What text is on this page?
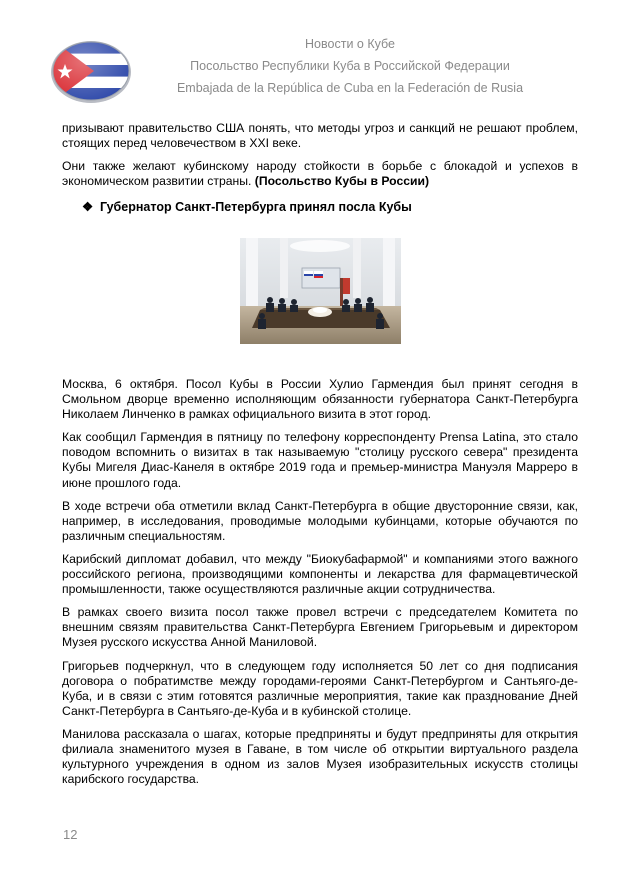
Новости о Кубе
Посольство Республики Куба в Российской Федерации
Embajada de la República de Cuba en la Federación de Rusia

призывают правительство США понять, что методы угроз и санкций не решают проблем, стоящих перед человечеством в XXI веке.

Они также желают кубинскому народу стойкости в борьбе с блокадой и успехов в экономическом развитии страны. (Посольство Кубы в России)

❖ Губернатор Санкт-Петербурга принял посла Кубы

Москва, 6 октября. Посол Кубы в России Хулио Гармендия был принят сегодня в Смольном дворце временно исполняющим обязанности губернатора Санкт-Петербурга Николаем Линченко в рамках официального визита в этот город.

Как сообщил Гармендия в пятницу по телефону корреспонденту Prensa Latina, это стало поводом вспомнить о визитах в так называемую "столицу русского севера" президента Кубы Мигеля Диас-Канеля в октябре 2019 года и премьер-министра Мануэля Марреро в июне прошлого года.

В ходе встречи оба отметили вклад Санкт-Петербурга в общие двусторонние связи, как, например, в исследования, проводимые молодыми кубинцами, которые обучаются по различным специальностям.

Карибский дипломат добавил, что между "Биокубафармой" и компаниями этого важного российского региона, производящими компоненты и лекарства для фармацевтической промышленности, также осуществляются различные акции сотрудничества.

В рамках своего визита посол также провел встречи с председателем Комитета по внешним связям правительства Санкт-Петербурга Евгением Григорьевым и директором Музея русского искусства Анной Маниловой.

Григорьев подчеркнул, что в следующем году исполняется 50 лет со дня подписания договора о побратимстве между городами-героями Санкт-Петербургом и Сантьяго-де-Куба, и в связи с этим готовятся различные мероприятия, такие как празднование Дней Санкт-Петербурга в Сантьяго-де-Куба и в кубинской столице.

Манилова рассказала о шагах, которые предприняты и будут предприняты для открытия филиала знаменитого музея в Гаване, в том числе об открытии виртуального раздела культурного учреждения в одном из залов Музея изобразительных искусств столицы карибского государства.

12
